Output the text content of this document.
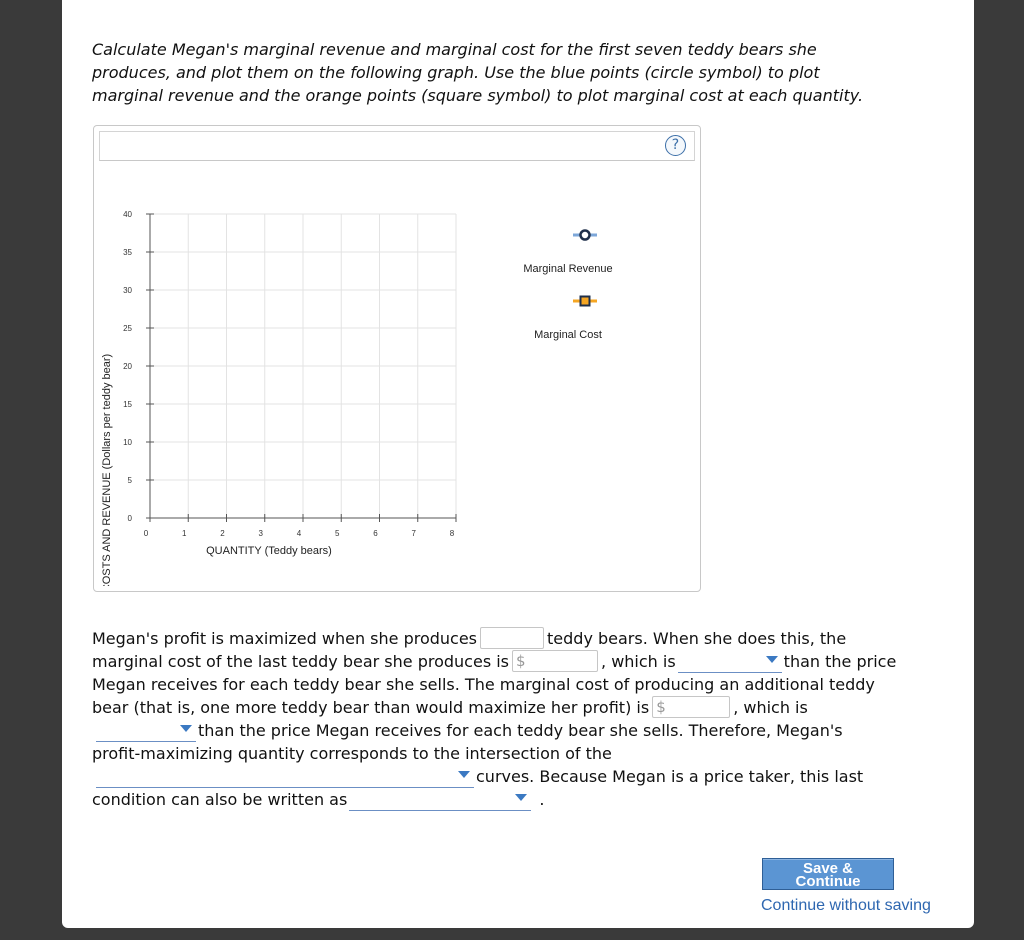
Calculate Megan's marginal revenue and marginal cost for the first seven teddy bears she
produces, and plot them on the following graph. Use the blue points (circle symbol) to plot
marginal revenue and the orange points (square symbol) to plot marginal cost at each quantity.
?
0
5
10
15
20
25
30
35
40
0	1	2	3	4	5	6	7	8
COSTS AND REVENUE (Dollars per teddy bear)	QUANTITY (Teddy bears)
Marginal Revenue
Marginal Cost
Megan's profit is maximized when she produces	teddy bears. When she does this, the
marginal cost of the last teddy bear she produces is $	, which is	than the price
Megan receives for each teddy bear she sells. The marginal cost of producing an additional teddy
bear (that is, one more teddy bear than would maximize her profit) is $	, which is
than the price Megan receives for each teddy bear she sells. Therefore, Megan's
profit-maximizing quantity corresponds to the intersection of the
curves. Because Megan is a price taker, this last
condition can also be written as	.
Save &
Continue
Continue without saving
